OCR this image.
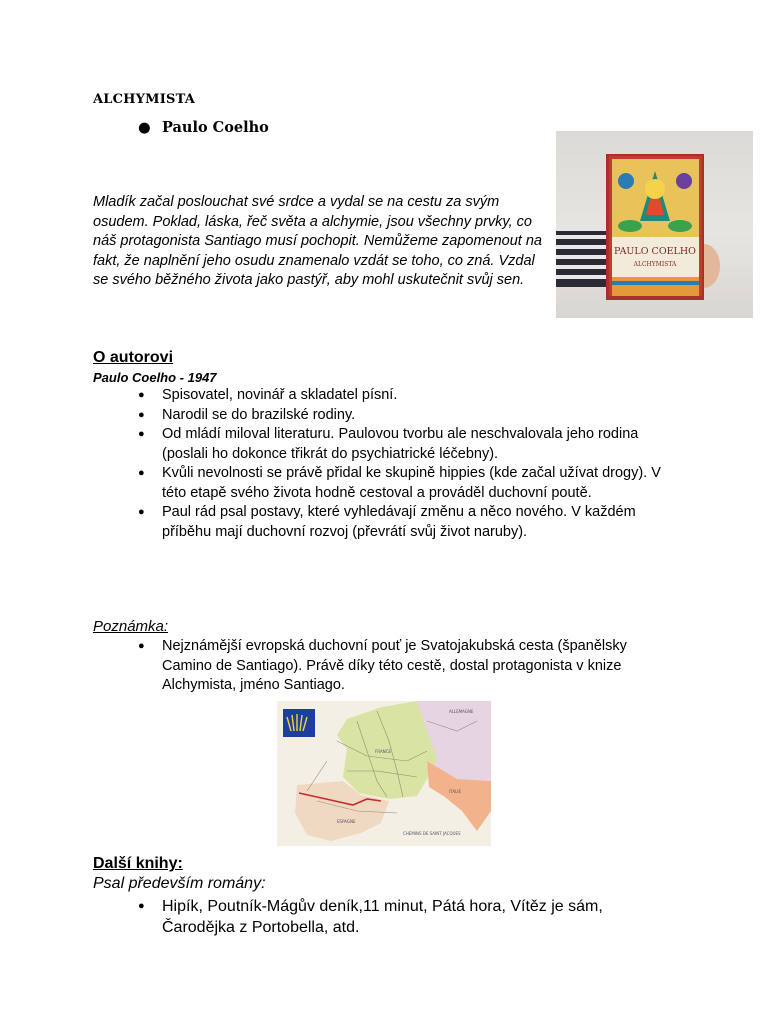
ALCHYMISTA
● Paulo Coelho
PAULO COELHO
ALCHYMISTA
Mladík začal poslouchat své srdce a vydal se na cestu za svým osudem. Poklad, láska, řeč světa a alchymie, jsou všechny prvky, co náš protagonista Santiago musí pochopit. Nemůžeme zapomenout na fakt, že naplnění jeho osudu znamenalo vzdát se toho, co zná. Vzdal se svého běžného života jako pastýř, aby mohl uskutečnit svůj sen.
O autorovi
Paulo Coelho - 1947
● Spisovatel, novinář a skladatel písní.
● Narodil se do brazilské rodiny.
● Od mládí miloval literaturu. Paulovou tvorbu ale neschvalovala jeho rodina (poslali ho dokonce třikrát do psychiatrické léčebny).
● Kvůli nevolnosti se právě přidal ke skupině hippies (kde začal užívat drogy). V této etapě svého života hodně cestoval a prováděl duchovní poutě.
● Paul rád psal postavy, které vyhledávají změnu a něco nového. V každém příběhu mají duchovní rozvoj (převrátí svůj život naruby).
Poznámka:
● Nejznámější evropská duchovní pouť je Svatojakubská cesta (španělsky Camino de Santiago). Právě díky této cestě, dostal protagonista v knize Alchymista, jméno Santiago.
FRANCE
ESPAGNE
ALLEMAGNE
ITALIE
CHEMINS DE SAINT JACQUES
Další knihy:
Psal především romány:
● Hipík, Poutník-Mágův deník,11 minut, Pátá hora, Vítěz je sám, Čarodějka z Portobella, atd.
